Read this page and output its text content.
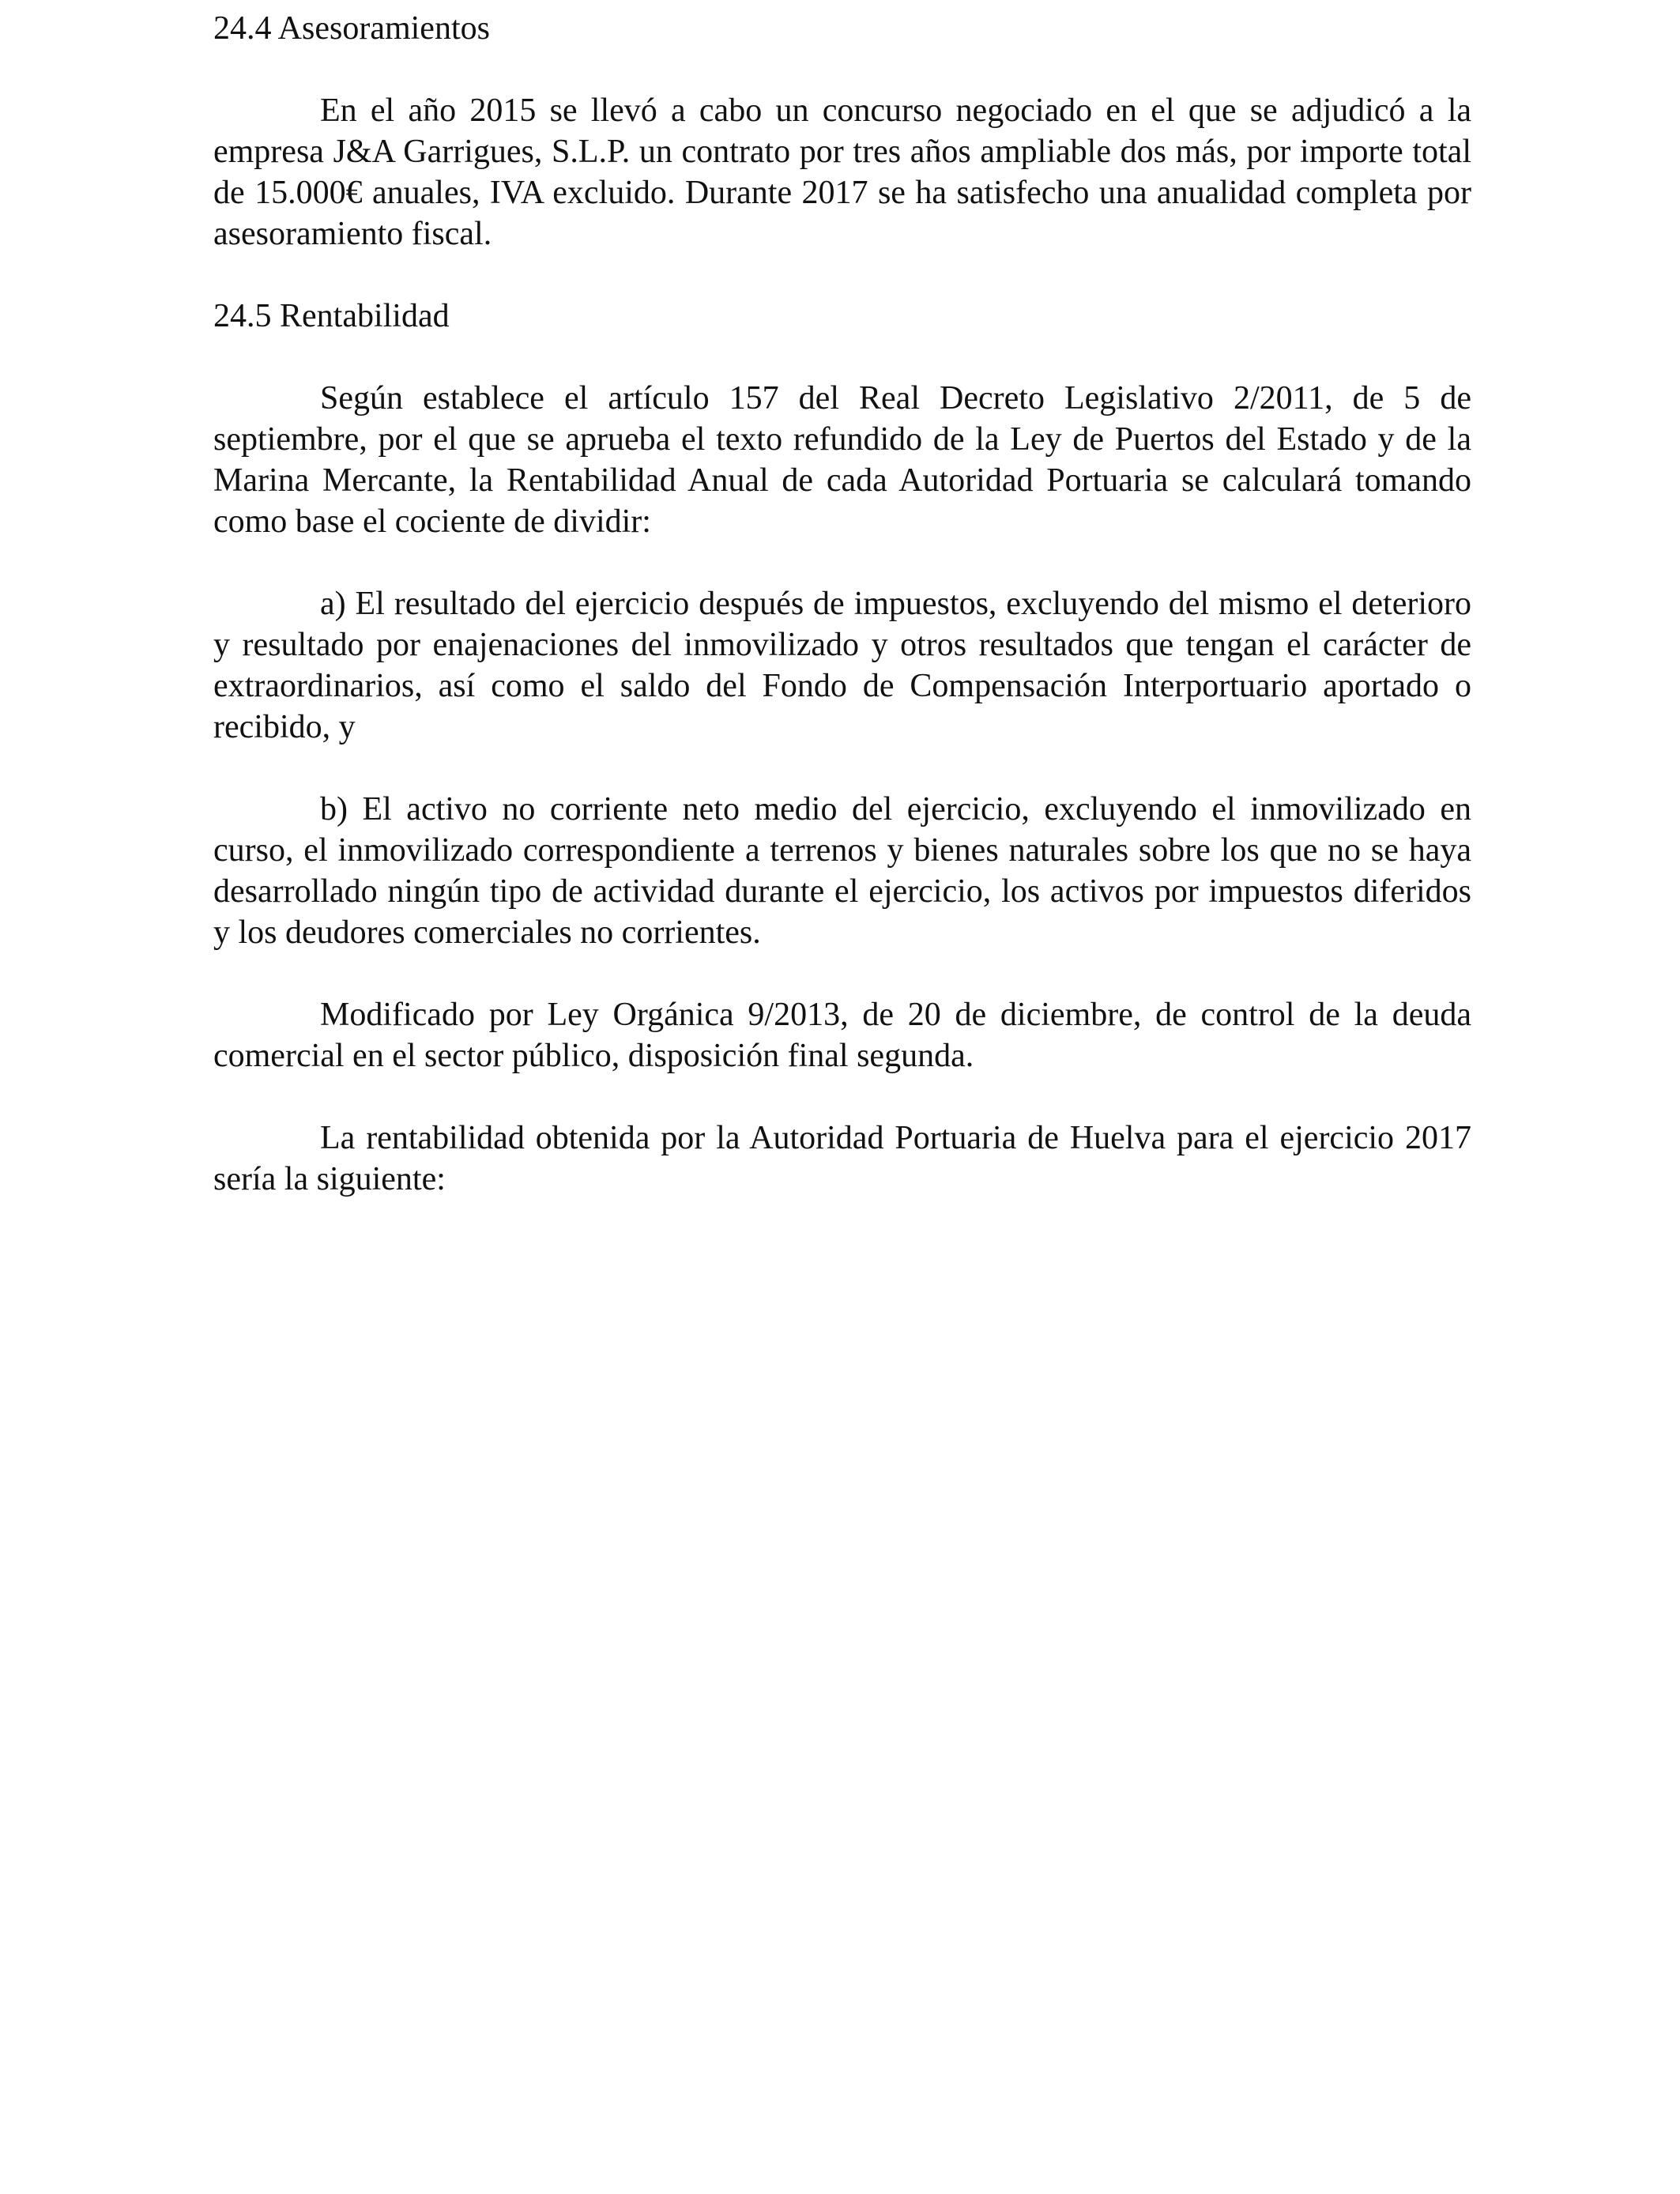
24.4 Asesoramientos

En el año 2015 se llevó a cabo un concurso negociado en el que se adjudicó a la empresa J&A Garrigues, S.L.P. un contrato por tres años ampliable dos más, por importe total de 15.000€ anuales, IVA excluido. Durante 2017 se ha satisfecho una anualidad completa por asesoramiento fiscal.

24.5 Rentabilidad

Según establece el artículo 157 del Real Decreto Legislativo 2/2011, de 5 de septiembre, por el que se aprueba el texto refundido de la Ley de Puertos del Estado y de la Marina Mercante, la Rentabilidad Anual de cada Autoridad Portuaria se calculará tomando como base el cociente de dividir:

a) El resultado del ejercicio después de impuestos, excluyendo del mismo el deterioro y resultado por enajenaciones del inmovilizado y otros resultados que tengan el carácter de extraordinarios, así como el saldo del Fondo de Compensación Interportuario aportado o recibido, y

b) El activo no corriente neto medio del ejercicio, excluyendo el inmovilizado en curso, el inmovilizado correspondiente a terrenos y bienes naturales sobre los que no se haya desarrollado ningún tipo de actividad durante el ejercicio, los activos por impuestos diferidos y los deudores comerciales no corrientes.

Modificado por Ley Orgánica 9/2013, de 20 de diciembre, de control de la deuda comercial en el sector público, disposición final segunda.

La rentabilidad obtenida por la Autoridad Portuaria de Huelva para el ejercicio 2017 sería la siguiente:
